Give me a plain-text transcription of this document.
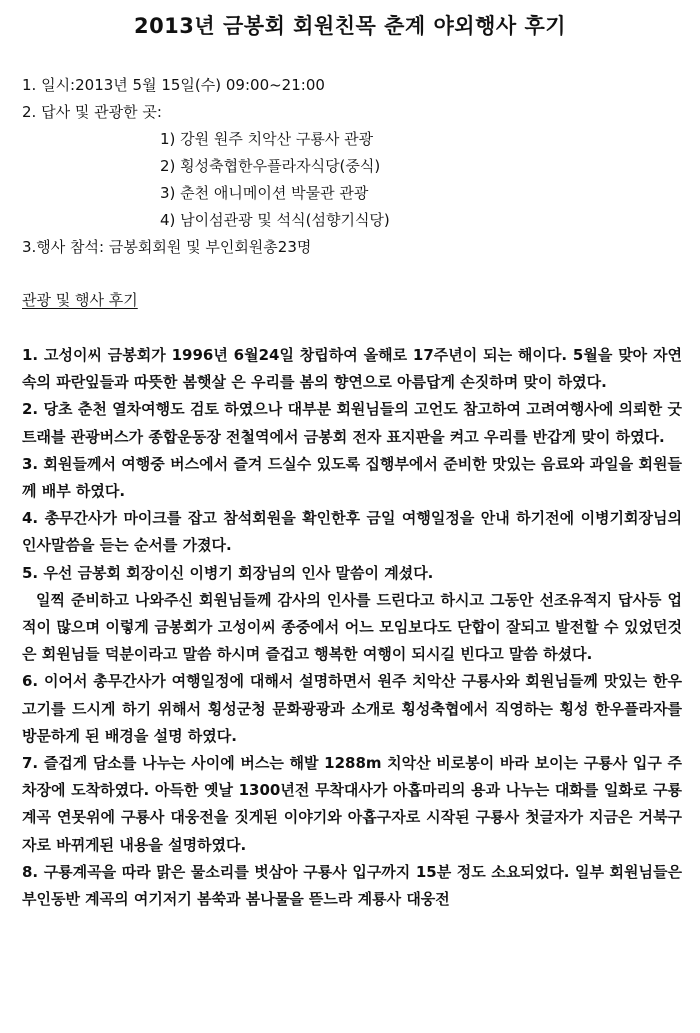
2013년 금봉회 회원친목 춘계 야외행사 후기
1. 일시:2013년 5월 15일(수) 09:00~21:00
2. 답사 및 관광한 곳:
1) 강원 원주 치악산 구룡사 관광
2) 횡성축협한우플라자식당(중식)
3) 춘천 애니메이션 박물관 관광
4) 남이섬관광 및 석식(섬향기식당)
3.행사 참석: 금봉회회원 및 부인회원총23명
관광 및 행사 후기

1. 고성이씨 금봉회가 1996년 6월24일 창립하여 올해로 17주년이 되는 해이다. 5월을 맞아 자연속의 파란잎들과 따뜻한 봄햇살 은 우리를 봄의 향연으로 아름답게 손짓하며 맞이 하였다.

2. 당초 춘천 열차여행도 검토 하였으나 대부분 회원님들의 고언도 참고하여 고려여행사에 의뢰한 굿 트래블 관광버스가 종합운동장 전철역에서 금봉회 전자 표지판을 켜고 우리를 반갑게 맞이 하였다.

3. 회원들께서 여행중 버스에서 즐겨 드실수 있도록 집행부에서 준비한 맛있는 음료와 과일을 회원들께 배부 하였다.

4. 총무간사가 마이크를 잡고 참석회원을 확인한후 금일 여행일정을 안내 하기전에 이병기회장님의 인사말씀을 듣는 순서를 가졌다.

5. 우선 금봉회 회장이신 이병기 회장님의 인사 말씀이 계셨다.

일찍 준비하고 나와주신 회원님들께 감사의 인사를 드린다고 하시고 그동안 선조유적지 답사등 업적이 많으며 이렇게 금봉회가 고성이씨 종중에서 어느 모임보다도 단합이 잘되고 발전할 수 있었던것은 회원님들 덕분이라고 말씀 하시며 즐겁고 행복한 여행이 되시길 빈다고 말씀 하셨다.

6. 이어서 총무간사가 여행일정에 대해서 설명하면서 원주 치악산 구룡사와 회원님들께 맛있는 한우고기를 드시게 하기 위해서 횡성군청 문화광광과 소개로 횡성축협에서 직영하는 횡성 한우플라자를 방문하게 된 배경을 설명 하였다.

7. 즐겁게 담소를 나누는 사이에 버스는 해발 1288m 치악산 비로봉이 바라 보이는 구룡사 입구 주차장에 도착하였다. 아득한 옛날 1300년전 무착대사가 아홉마리의 용과 나누는 대화를 일화로 구룡계곡 연못위에 구룡사 대웅전을 짓게된 이야기와 아홉구자로 시작된 구룡사 첫글자가 지금은 거북구자로 바뀌게된 내용을 설명하였다.

8. 구룡계곡을 따라 맑은 물소리를 벗삼아 구룡사 입구까지 15분 정도 소요되었다. 일부 회원님들은 부인동반 계곡의 여기저기 봄쑥과 봄나물을 뜯느라 계룡사 대웅전
